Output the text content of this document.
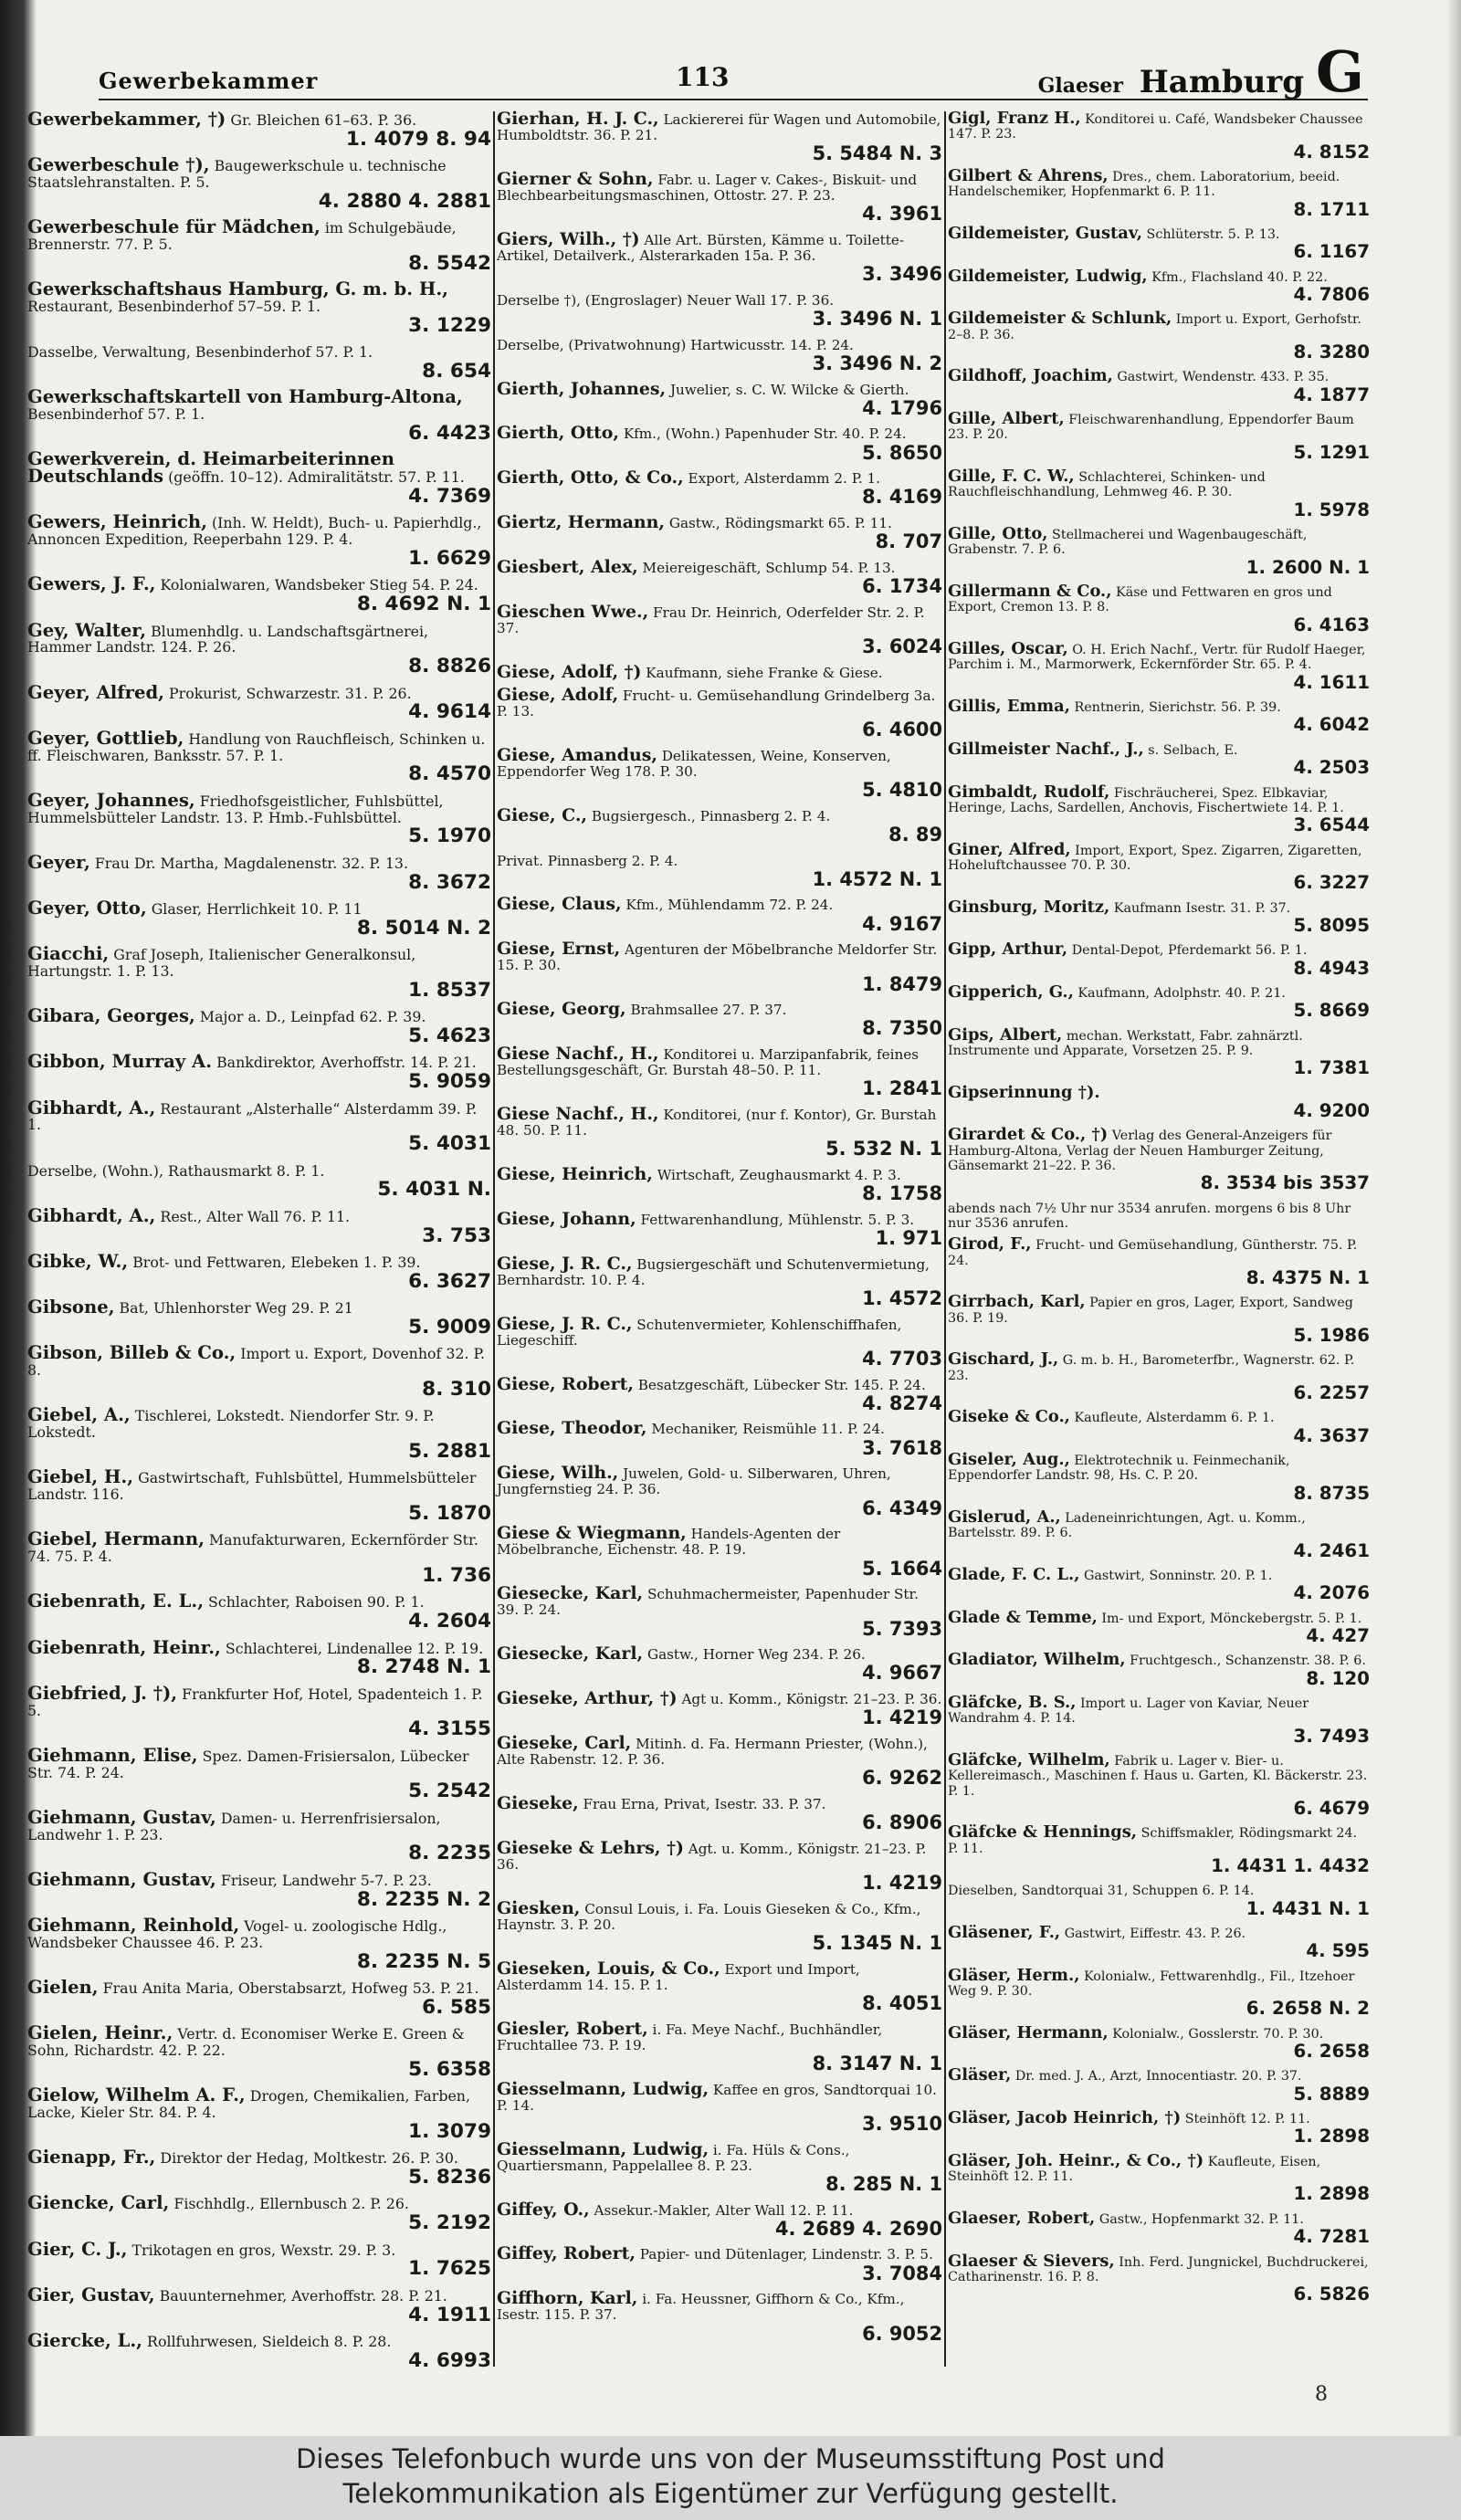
5
3
0
1
2
2
1
9
6
3
7
2
Gewerbekammer	113	Glaeser Hamburg G
Gewerbekammer, †) Gr. Bleichen 61–63. P. 36.
1. 4079 8. 94
Gewerbeschule †), Baugewerkschule u. technische Staatslehranstalten. P. 5.
4. 2880 4. 2881
Gewerbeschule für Mädchen, im Schulgebäude, Brennerstr. 77. P. 5.
8. 5542
Gewerkschaftshaus Hamburg, G. m. b. H., Restaurant, Besenbinderhof 57–59. P. 1.
3. 1229
Dasselbe, Verwaltung, Besenbinderhof 57. P. 1.
8. 654
Gewerkschaftskartell von Hamburg-Altona, Besenbinderhof 57. P. 1.
6. 4423
Gewerkverein, d. Heimarbeiterinnen Deutschlands (geöffn. 10–12). Admiralitätstr. 57. P. 11.
4. 7369
Gewers, Heinrich, (Inh. W. Heldt), Buch- u. Papierhdlg., Annoncen Expedition, Reeperbahn 129. P. 4.
1. 6629
Gewers, J. F., Kolonialwaren, Wandsbeker Stieg 54. P. 24.
8. 4692 N. 1
Gey, Walter, Blumenhdlg. u. Landschaftsgärtnerei, Hammer Landstr. 124. P. 26.
8. 8826
Geyer, Alfred, Prokurist, Schwarzestr. 31. P. 26.
4. 9614
Geyer, Gottlieb, Handlung von Rauchfleisch, Schinken u. ff. Fleischwaren, Banksstr. 57. P. 1.
8. 4570
Geyer, Johannes, Friedhofsgeistlicher, Fuhlsbüttel, Hummelsbütteler Landstr. 13. P. Hmb.-Fuhlsbüttel.
5. 1970
Geyer, Frau Dr. Martha, Magdalenenstr. 32. P. 13.
8. 3672
Geyer, Otto, Glaser, Herrlichkeit 10. P. 11
8. 5014 N. 2
Giacchi, Graf Joseph, Italienischer Generalkonsul, Hartungstr. 1. P. 13.
1. 8537
Gibara, Georges, Major a. D., Leinpfad 62. P. 39.
5. 4623
Gibbon, Murray A. Bankdirektor, Averhoffstr. 14. P. 21.
5. 9059
Gibhardt, A., Restaurant „Alsterhalle“ Alsterdamm 39. P. 1.
5. 4031
Derselbe, (Wohn.), Rathausmarkt 8. P. 1.
5. 4031 N.
Gibhardt, A., Rest., Alter Wall 76. P. 11.
3. 753
Gibke, W., Brot- und Fettwaren, Elebeken 1. P. 39.
6. 3627
Gibsone, Bat, Uhlenhorster Weg 29. P. 21
5. 9009
Gibson, Billeb & Co., Import u. Export, Dovenhof 32. P. 8.
8. 310
Giebel, A., Tischlerei, Lokstedt. Niendorfer Str. 9. P. Lokstedt.
5. 2881
Giebel, H., Gastwirtschaft, Fuhlsbüttel, Hummelsbütteler Landstr. 116.
5. 1870
Giebel, Hermann, Manufakturwaren, Eckernförder Str. 74. 75. P. 4.
1. 736
Giebenrath, E. L., Schlachter, Raboisen 90. P. 1.
4. 2604
Giebenrath, Heinr., Schlachterei, Lindenallee 12. P. 19.
8. 2748 N. 1
Giebfried, J. †), Frankfurter Hof, Hotel, Spadenteich 1. P. 5.
4. 3155
Giehmann, Elise, Spez. Damen-Frisiersalon, Lübecker Str. 74. P. 24.
5. 2542
Giehmann, Gustav, Damen- u. Herrenfrisiersalon, Landwehr 1. P. 23.
8. 2235
Giehmann, Gustav, Friseur, Landwehr 5-7. P. 23.
8. 2235 N. 2
Giehmann, Reinhold, Vogel- u. zoologische Hdlg., Wandsbeker Chaussee 46. P. 23.
8. 2235 N. 5
Gielen, Frau Anita Maria, Oberstabsarzt, Hofweg 53. P. 21.
6. 585
Gielen, Heinr., Vertr. d. Economiser Werke E. Green & Sohn, Richardstr. 42. P. 22.
5. 6358
Gielow, Wilhelm A. F., Drogen, Chemikalien, Farben, Lacke, Kieler Str. 84. P. 4.
1. 3079
Gienapp, Fr., Direktor der Hedag, Moltkestr. 26. P. 30.
5. 8236
Giencke, Carl, Fischhdlg., Ellernbusch 2. P. 26.
5. 2192
Gier, C. J., Trikotagen en gros, Wexstr. 29. P. 3.
1. 7625
Gier, Gustav, Bauunternehmer, Averhoffstr. 28. P. 21.
4. 1911
Giercke, L., Rollfuhrwesen, Sieldeich 8. P. 28.
4. 6993
Gierhan, H. J. C., Lackiererei für Wagen und Automobile, Humboldtstr. 36. P. 21.
5. 5484 N. 3
Gierner & Sohn, Fabr. u. Lager v. Cakes-, Biskuit- und Blechbearbeitungsmaschinen, Ottostr. 27. P. 23.
4. 3961
Giers, Wilh., †) Alle Art. Bürsten, Kämme u. Toilette-Artikel, Detailverk., Alsterarkaden 15a. P. 36.
3. 3496
Derselbe †), (Engroslager) Neuer Wall 17. P. 36.
3. 3496 N. 1
Derselbe, (Privatwohnung) Hartwicusstr. 14. P. 24.
3. 3496 N. 2
Gierth, Johannes, Juwelier, s. C. W. Wilcke & Gierth.
4. 1796
Gierth, Otto, Kfm., (Wohn.) Papenhuder Str. 40. P. 24.
5. 8650
Gierth, Otto, & Co., Export, Alsterdamm 2. P. 1.
8. 4169
Giertz, Hermann, Gastw., Rödingsmarkt 65. P. 11.
8. 707
Giesbert, Alex, Meiereigeschäft, Schlump 54. P. 13.
6. 1734
Gieschen Wwe., Frau Dr. Heinrich, Oderfelder Str. 2. P. 37.
3. 6024
Giese, Adolf, †) Kaufmann, siehe Franke & Giese.
Giese, Adolf, Frucht- u. Gemüsehandlung Grindelberg 3a. P. 13.
6. 4600
Giese, Amandus, Delikatessen, Weine, Konserven, Eppendorfer Weg 178. P. 30.
5. 4810
Giese, C., Bugsiergesch., Pinnasberg 2. P. 4.
8. 89
Privat. Pinnasberg 2. P. 4.
1. 4572 N. 1
Giese, Claus, Kfm., Mühlendamm 72. P. 24.
4. 9167
Giese, Ernst, Agenturen der Möbelbranche Meldorfer Str. 15. P. 30.
1. 8479
Giese, Georg, Brahmsallee 27. P. 37.
8. 7350
Giese Nachf., H., Konditorei u. Marzipanfabrik, feines Bestellungsgeschäft, Gr. Burstah 48–50. P. 11.
1. 2841
Giese Nachf., H., Konditorei, (nur f. Kontor), Gr. Burstah 48. 50. P. 11.
5. 532 N. 1
Giese, Heinrich, Wirtschaft, Zeughausmarkt 4. P. 3.
8. 1758
Giese, Johann, Fettwarenhandlung, Mühlenstr. 5. P. 3.
1. 971
Giese, J. R. C., Bugsiergeschäft und Schutenvermietung, Bernhardstr. 10. P. 4.
1. 4572
Giese, J. R. C., Schutenvermieter, Kohlenschiffhafen, Liegeschiff.
4. 7703
Giese, Robert, Besatzgeschäft, Lübecker Str. 145. P. 24.
4. 8274
Giese, Theodor, Mechaniker, Reismühle 11. P. 24.
3. 7618
Giese, Wilh., Juwelen, Gold- u. Silberwaren, Uhren, Jungfernstieg 24. P. 36.
6. 4349
Giese & Wiegmann, Handels-Agenten der Möbelbranche, Eichenstr. 48. P. 19.
5. 1664
Giesecke, Karl, Schuhmachermeister, Papenhuder Str. 39. P. 24.
5. 7393
Giesecke, Karl, Gastw., Horner Weg 234. P. 26.
4. 9667
Gieseke, Arthur, †) Agt u. Komm., Königstr. 21–23. P. 36.
1. 4219
Gieseke, Carl, Mitinh. d. Fa. Hermann Priester, (Wohn.), Alte Rabenstr. 12. P. 36.
6. 9262
Gieseke, Frau Erna, Privat, Isestr. 33. P. 37.
6. 8906
Gieseke & Lehrs, †) Agt. u. Komm., Königstr. 21–23. P. 36.
1. 4219
Giesken, Consul Louis, i. Fa. Louis Gieseken & Co., Kfm., Haynstr. 3. P. 20.
5. 1345 N. 1
Gieseken, Louis, & Co., Export und Import, Alsterdamm 14. 15. P. 1.
8. 4051
Giesler, Robert, i. Fa. Meye Nachf., Buchhändler, Fruchtallee 73. P. 19.
8. 3147 N. 1
Giesselmann, Ludwig, Kaffee en gros, Sandtorquai 10. P. 14.
3. 9510
Giesselmann, Ludwig, i. Fa. Hüls & Cons., Quartiersmann, Pappelallee 8. P. 23.
8. 285 N. 1
Giffey, O., Assekur.-Makler, Alter Wall 12. P. 11.
4. 2689 4. 2690
Giffey, Robert, Papier- und Dütenlager, Lindenstr. 3. P. 5.
3. 7084
Giffhorn, Karl, i. Fa. Heussner, Giffhorn & Co., Kfm., Isestr. 115. P. 37.
6. 9052
Gigl, Franz H., Konditorei u. Café, Wandsbeker Chaussee 147. P. 23.
4. 8152
Gilbert & Ahrens, Dres., chem. Laboratorium, beeid. Handelschemiker, Hopfenmarkt 6. P. 11.
8. 1711
Gildemeister, Gustav, Schlüterstr. 5. P. 13.
6. 1167
Gildemeister, Ludwig, Kfm., Flachsland 40. P. 22.
4. 7806
Gildemeister & Schlunk, Import u. Export, Gerhofstr. 2–8. P. 36.
8. 3280
Gildhoff, Joachim, Gastwirt, Wendenstr. 433. P. 35.
4. 1877
Gille, Albert, Fleischwarenhandlung, Eppendorfer Baum 23. P. 20.
5. 1291
Gille, F. C. W., Schlachterei, Schinken- und Rauchfleischhandlung, Lehmweg 46. P. 30.
1. 5978
Gille, Otto, Stellmacherei und Wagenbaugeschäft, Grabenstr. 7. P. 6.
1. 2600 N. 1
Gillermann & Co., Käse und Fettwaren en gros und Export, Cremon 13. P. 8.
6. 4163
Gilles, Oscar, O. H. Erich Nachf., Vertr. für Rudolf Haeger, Parchim i. M., Marmorwerk, Eckernförder Str. 65. P. 4.
4. 1611
Gillis, Emma, Rentnerin, Sierichstr. 56. P. 39.
4. 6042
Gillmeister Nachf., J., s. Selbach, E.
4. 2503
Gimbaldt, Rudolf, Fischräucherei, Spez. Elbkaviar, Heringe, Lachs, Sardellen, Anchovis, Fischertwiete 14. P. 1.
3. 6544
Giner, Alfred, Import, Export, Spez. Zigarren, Zigaretten, Hoheluftchaussee 70. P. 30.
6. 3227
Ginsburg, Moritz, Kaufmann Isestr. 31. P. 37.
5. 8095
Gipp, Arthur, Dental-Depot, Pferdemarkt 56. P. 1.
8. 4943
Gipperich, G., Kaufmann, Adolphstr. 40. P. 21.
5. 8669
Gips, Albert, mechan. Werkstatt, Fabr. zahnärztl. Instrumente und Apparate, Vorsetzen 25. P. 9.
1. 7381
Gipserinnung †).
4. 9200
Girardet & Co., †) Verlag des General-Anzeigers für Hamburg-Altona, Verlag der Neuen Hamburger Zeitung, Gänsemarkt 21–22. P. 36.
8. 3534 bis 3537
abends nach 7½ Uhr nur 3534 anrufen. morgens 6 bis 8 Uhr nur 3536 anrufen.
Girod, F., Frucht- und Gemüsehandlung, Güntherstr. 75. P. 24.
8. 4375 N. 1
Girrbach, Karl, Papier en gros, Lager, Export, Sandweg 36. P. 19.
5. 1986
Gischard, J., G. m. b. H., Barometerfbr., Wagnerstr. 62. P. 23.
6. 2257
Giseke & Co., Kaufleute, Alsterdamm 6. P. 1.
4. 3637
Giseler, Aug., Elektrotechnik u. Feinmechanik, Eppendorfer Landstr. 98, Hs. C. P. 20.
8. 8735
Gislerud, A., Ladeneinrichtungen, Agt. u. Komm., Bartelsstr. 89. P. 6.
4. 2461
Glade, F. C. L., Gastwirt, Sonninstr. 20. P. 1.
4. 2076
Glade & Temme, Im- und Export, Mönckebergstr. 5. P. 1.
4. 427
Gladiator, Wilhelm, Fruchtgesch., Schanzenstr. 38. P. 6.
8. 120
Gläfcke, B. S., Import u. Lager von Kaviar, Neuer Wandrahm 4. P. 14.
3. 7493
Gläfcke, Wilhelm, Fabrik u. Lager v. Bier- u. Kellereimasch., Maschinen f. Haus u. Garten, Kl. Bäckerstr. 23. P. 1.
6. 4679
Gläfcke & Hennings, Schiffsmakler, Rödingsmarkt 24. P. 11.
1. 4431 1. 4432
Dieselben, Sandtorquai 31, Schuppen 6. P. 14.
1. 4431 N. 1
Gläsener, F., Gastwirt, Eiffestr. 43. P. 26.
4. 595
Gläser, Herm., Kolonialw., Fettwarenhdlg., Fil., Itzehoer Weg 9. P. 30.
6. 2658 N. 2
Gläser, Hermann, Kolonialw., Gosslerstr. 70. P. 30.
6. 2658
Gläser, Dr. med. J. A., Arzt, Innocentiastr. 20. P. 37.
5. 8889
Gläser, Jacob Heinrich, †) Steinhöft 12. P. 11.
1. 2898
Gläser, Joh. Heinr., & Co., †) Kaufleute, Eisen, Steinhöft 12. P. 11.
1. 2898
Glaeser, Robert, Gastw., Hopfenmarkt 32. P. 11.
4. 7281
Glaeser & Sievers, Inh. Ferd. Jungnickel, Buchdruckerei, Catharinenstr. 16. P. 8.
6. 5826
8
Dieses Telefonbuch wurde uns von der Museumsstiftung Post und
Telekommunikation als Eigentümer zur Verfügung gestellt.
